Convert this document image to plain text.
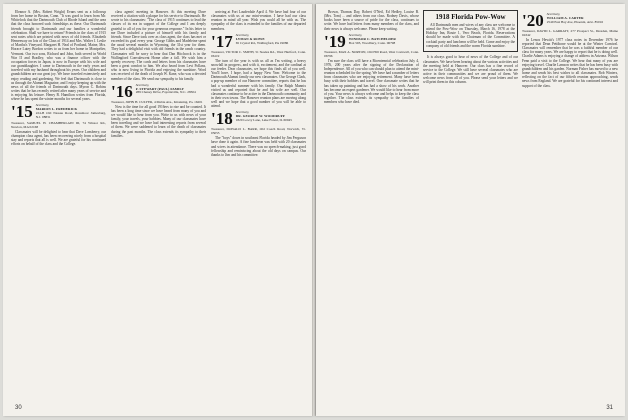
Eleanor A. (Mrs. Robert Wright) Evans sent us a followup from her home in Boston, Conn. "It was good to learn from Mr. Whitelock that the Dartmouth Club of Rhode Island and the area that the class honored such friendships as these. Our Dartmouth friends brought to Dartmouth and our families a wonderful celebration. Shall we have to return? Friends in the class of 1915 sent notes which are printed with news of old friends. Elizabeth Hemenway on lots of the Class of 1914 and Mrs. Walter J. Leslie of Martha's Vineyard. Margaret H. Neal of Portland, Maine, Mrs. Horace Lutey Bordon writes to us from her home in Montpelier, Vermont. Our two sons, Richard and John, both served in World War II and Bradley, who was a finance officer with the occupation forces in Japan, is now in Europe with his wife and our granddaughter. I came to Dartmouth in the early years and traveled with my husband throughout his years. Our children and grandchildren are our great joy. We have traveled extensively and enjoy reading and gardening. We feel that Dartmouth is close to us through the Alumni Magazine, and I enjoy keeping up with the news of all the friends of Dartmouth days. Myron C. Robins writes that he has recently retired after many years of service and is enjoying his leisure. Henry B. Hamilton writes from Florida, where he has spent the winter months for several years.

'15 Secretary,
MARION L. FREDERICK
224-B Old Nassau Road, Rossmoor Jamesburg, N.J. 08831
Treasurer, SAMUEL H. CHAMBERLAIN III, 74 Winsor Rd., Newton, MA 02168

Classmates will be delighted to hear that Dave Lonsberry, our champion class agent, has been recovering nicely from a hospital stay and reports that all is well. We are grateful for his continued efforts on behalf of the class and the College.

class agents' meeting in Hanover. At this meeting Dave received a citation with a plaque for his service to Dartmouth. He wrote to his classmates: "The class of 1915 continues to lead the classes of its era in support of the College and I am deeply grateful to all of you for your generous response." In his letter to me Dave included a picture of himself with his family and friends. Since Dave took over as class agent, the class has met or exceeded its goal every year. George Gibbs and Madeleine spent the usual several months in Wyoming, the 31st year for them. They had a delightful visit with old friends in the ranch country. Classmates will be sorry to hear that Dan Hitchcock is in the Wallingford Convalescent Home after a fall. We wish him a speedy recovery. The cards and letters from his classmates have been a great comfort to him. We also heard from Levi Pollans, who is now living in Florida and enjoying the sunshine. Word was received of the death of Joseph W. Kane, who was a devoted member of the class. We send our sympathy to his family.

'16 Secretary,
F. STEWART (PAUL) FAMILY
289 Cheney Drive, Fayetteville, N.C. 28304
Treasurer, JOHN H. CULYER, 4 Mabie Ave., Kitanning, Pa. 16201

Now is the time for all good 1916ers to rise and be counted. It has been a long time since we have heard from many of you and we would like to hear from you. Write to us with news of your family, your travels, your hobbies. Many of our classmates have been traveling and we have had interesting reports from several of them. We were saddened to learn of the death of classmates during the past months. The class extends its sympathy to their families.

arriving at Fort Lauderdale April 4. We have had four of our classmates with us at our mini-reunion. I have had our class reunion in mind all year. Wish you could all be with us. The sympathy of the class is extended to the families of our departed members.

'17 Secretary,
LYMAN & ROWE
65 Crystal Rd., Wallingford, PA 19086
Treasurer, VICTOR C. SMITH, 51 Steeles Rd., West Hartford, Conn. 06119

The turn of the year is with us all as I'm writing, a heavy snowfall in progress, and with it, excitement, and the cardinal at our feeder. Dear classmates, we hope this finds all of you well. You'll have, I hope, had a happy New Year. Welcome to the Dartmouth Alumni family our new classmates. Our George Clark, a pop-up member of our Hanover committee, reports that he has had a wonderful summer with his family. Our Ralph Mannix visited us and reported that he and his wife are well. Our classmates continue to be active in the Dartmouth community and in their own towns. The Hanover reunion plans are moving along well and we hope that a good number of you will be able to attend.

'18 Secretary,
DR. GEORGE W. WOODRUFF
1820 Lowry Lane, Lake Forest, IL 60045
Treasurer, DONALD L. BARR, Old Coach Road, Norwich, Vt. 05055

The "boys" down in southeast Florida headed by Jim Ferguson have done it again. A fine luncheon was held with 20 classmates and wives in attendance. There was no speech-making, just good fellowship and reminiscing about the old days on campus. Our thanks to Jim and his committee.

30

Brown, Thomas Day, Robert O'Neil, Ed Hedley, Louise B. (Mrs. Tom) ... and others from our class. Rodney Davis, whose books have been a source of pride for the class, continues to write. We have had letters from many members of the class, and their news is always welcome. Please keep writing.

'19 Secretary,
WINDSOR C. BATCHELDER
Box 593, Woodbury, Conn. 06798
Treasurer, MAX A. NORTON, Old Hill Road, West Cornwall, Conn. 06796

I'm sure the class will have a Bicentennial celebration July 4, 1976, 200 years after the signing of the Declaration of Independence. All of you who can should plan to attend the mini-reunion scheduled for the spring. We have had a number of letters from classmates who are enjoying retirement. Many have been busy with their hobbies and travel. One classmate writes that he has taken up painting and has had a show of his work. Another has become an expert gardener. We would like to hear from more of you. Your news is always welcome and helps to keep the class together. The class extends its sympathy to the families of members who have died.

1918 Florida Pow-Wow

All Dartmouth men and wives of any class are welcome to attend the Pow-Wow on Thursday, March 16, 1978 at the Holiday Inn, Route 1, Vero Beach, Florida. Reservations should be made with the Chairman of the Committee. A cocktail party and luncheon will be held. Come and enjoy the company of old friends and the warm Florida sunshine.

It is always good to hear of news of the College and of our classmates. We have been hearing about the various activities and the meeting held at Hanover. Our class has a fine record of service to the College. We still have several classmates who are active in their communities and we are proud of them. We welcome news from all of you. Please send your letters and we will print them in this column.

'20 Secretary,
WILLIAM A. CARTER
2549 East Bay Ave, Phoenix, Ariz. 85016
Treasurer, DAVID L. GARRATT, 277 Prospect St., Dresden, Maine 04342

In Lenox Hewitt's 1977 class notes in December 1976 he reported that Dean Pettibone would be at the Winter Carnival. Classmates will remember that he was a faithful member of our class for many years. We are happy to report that he is doing well. Charlie Adams is enjoying a change of address in Arizona. Wilson Fenn paid a visit to the College. We hear that many of you are enjoying travel. Charlie Lamson writes that he has been busy with grandchildren and his garden. Norman Fisher has moved to a new home and sends his best wishes to all classmates. Bob Winters, reflecting on the fact of our fiftieth reunion approaching, sends news from England. We are grateful for his continued interest and support of the class.

31
